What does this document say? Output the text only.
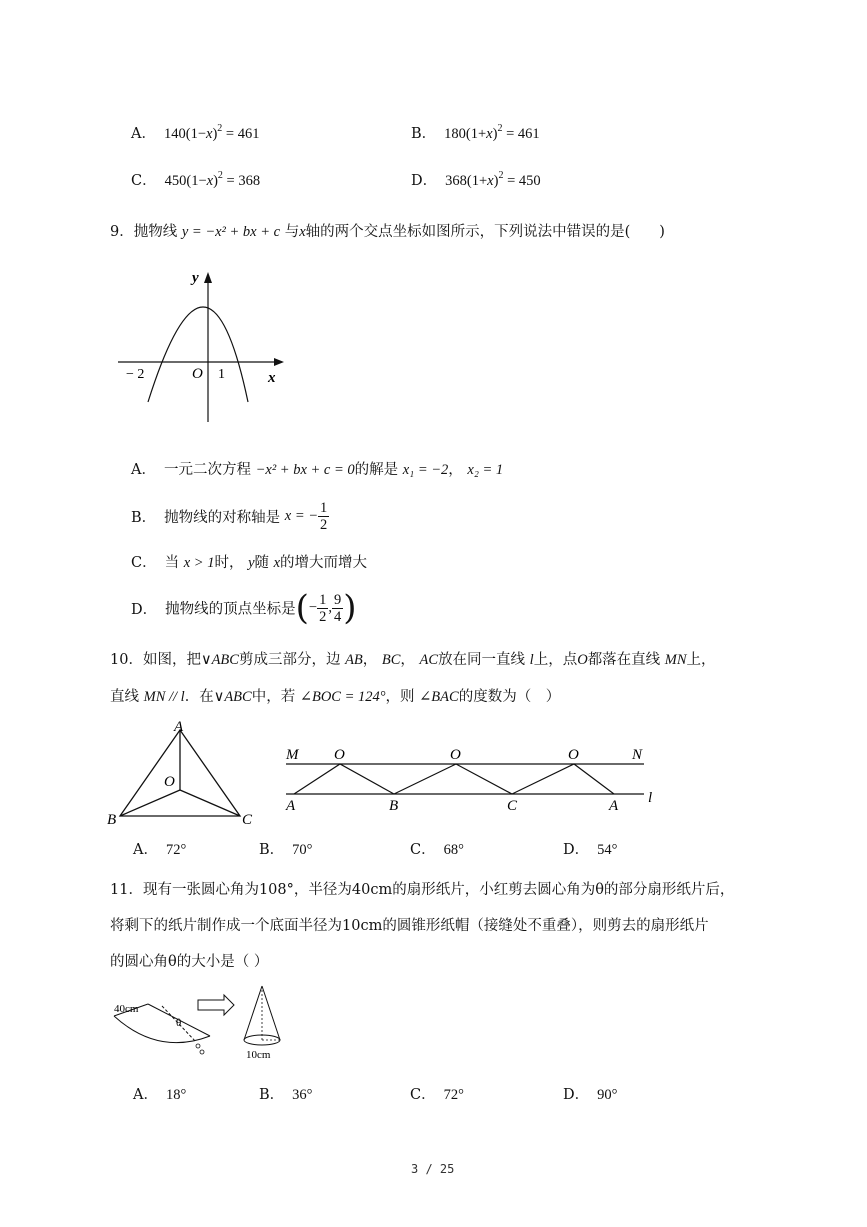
A． $140(1-x)^2 = 461$	B． $180(1+x)^2 = 461$
C． $450(1-x)^2 = 368$	D． $368(1+x)^2 = 450$
9．抛物线 y = −x² + bx + c 与x轴的两个交点坐标如图所示，下列说法中错误的是(　　)
y
x
O
− 2	1
A． 一元二次方程 −x² + bx + c = 0的解是 x₁ = −2， x₂ = 1
B． 抛物线的对称轴是 x = − $\frac{1}{2}$
C． 当 x > 1时， y随 x的增大而增大
D． 抛物线的顶点坐标是(− $\frac{1}{2}$ , $\frac{9}{4}$ )
10．如图，把∨ABC剪成三部分，边 AB， BC， AC放在同一直线 l上，点O都落在直线 MN上，
直线 MN // l．在∨ABC中，若 ∠BOC = 124°，则 ∠BAC的度数为（　）
A
B	C
O
M	N
l
O	O	O
A	B	C	A
A． 72°	B． 70°	C． 68°	D． 54°
11．现有一张圆心角为108°，半径为40cm的扇形纸片，小红剪去圆心角为θ的部分扇形纸片后，
将剩下的纸片制作成一个底面半径为10cm的圆锥形纸帽（接缝处不重叠），则剪去的扇形纸片
的圆心角θ的大小是（ ）
40cm
θ
10cm
A． 18°	B． 36°	C． 72°	D． 90°
3 / 25
